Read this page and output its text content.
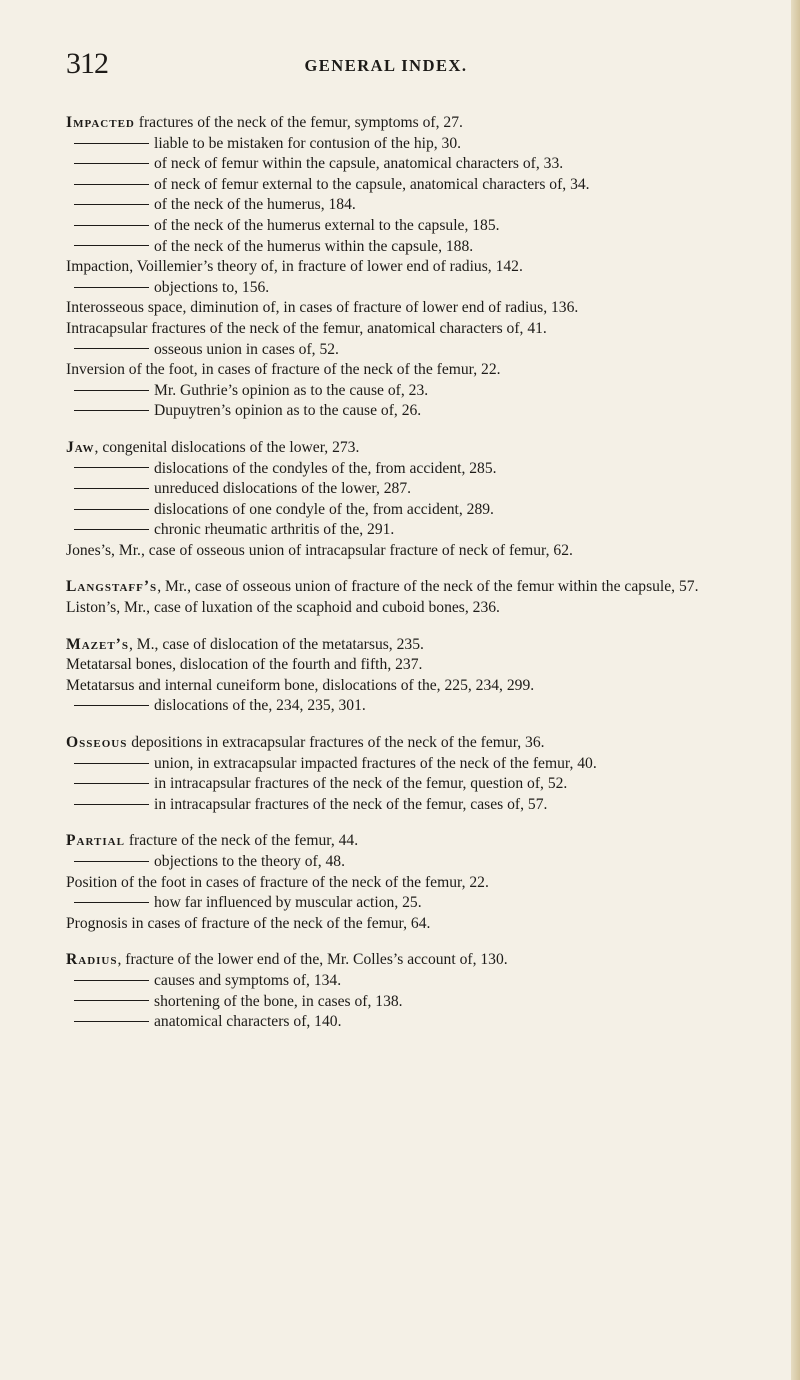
312	GENERAL INDEX.
Impacted fractures of the neck of the femur, symptoms of, 27.
liable to be mistaken for contusion of the hip, 30.
of neck of femur within the capsule, anatomical characters of, 33.
of neck of femur external to the capsule, anatomical characters of, 34.
of the neck of the humerus, 184.
of the neck of the humerus external to the capsule, 185.
of the neck of the humerus within the capsule, 188.
Impaction, Voillemier’s theory of, in fracture of lower end of radius, 142.
objections to, 156.
Interosseous space, diminution of, in cases of fracture of lower end of radius, 136.
Intracapsular fractures of the neck of the femur, anatomical characters of, 41.
osseous union in cases of, 52.
Inversion of the foot, in cases of fracture of the neck of the femur, 22.
Mr. Guthrie’s opinion as to the cause of, 23.
Dupuytren’s opinion as to the cause of, 26.
Jaw, congenital dislocations of the lower, 273.
dislocations of the condyles of the, from accident, 285.
unreduced dislocations of the lower, 287.
dislocations of one condyle of the, from accident, 289.
chronic rheumatic arthritis of the, 291.
Jones’s, Mr., case of osseous union of intracapsular fracture of neck of femur, 62.
Langstaff’s, Mr., case of osseous union of fracture of the neck of the femur within the capsule, 57.
Liston’s, Mr., case of luxation of the scaphoid and cuboid bones, 236.
Mazet’s, M., case of dislocation of the metatarsus, 235.
Metatarsal bones, dislocation of the fourth and fifth, 237.
Metatarsus and internal cuneiform bone, dislocations of the, 225, 234, 299.
dislocations of the, 234, 235, 301.
Osseous depositions in extracapsular fractures of the neck of the femur, 36.
union, in extracapsular impacted fractures of the neck of the femur, 40.
in intracapsular fractures of the neck of the femur, question of, 52.
in intracapsular fractures of the neck of the femur, cases of, 57.
Partial fracture of the neck of the femur, 44.
objections to the theory of, 48.
Position of the foot in cases of fracture of the neck of the femur, 22.
how far influenced by muscular action, 25.
Prognosis in cases of fracture of the neck of the femur, 64.
Radius, fracture of the lower end of the, Mr. Colles’s account of, 130.
causes and symptoms of, 134.
shortening of the bone, in cases of, 138.
anatomical characters of, 140.
